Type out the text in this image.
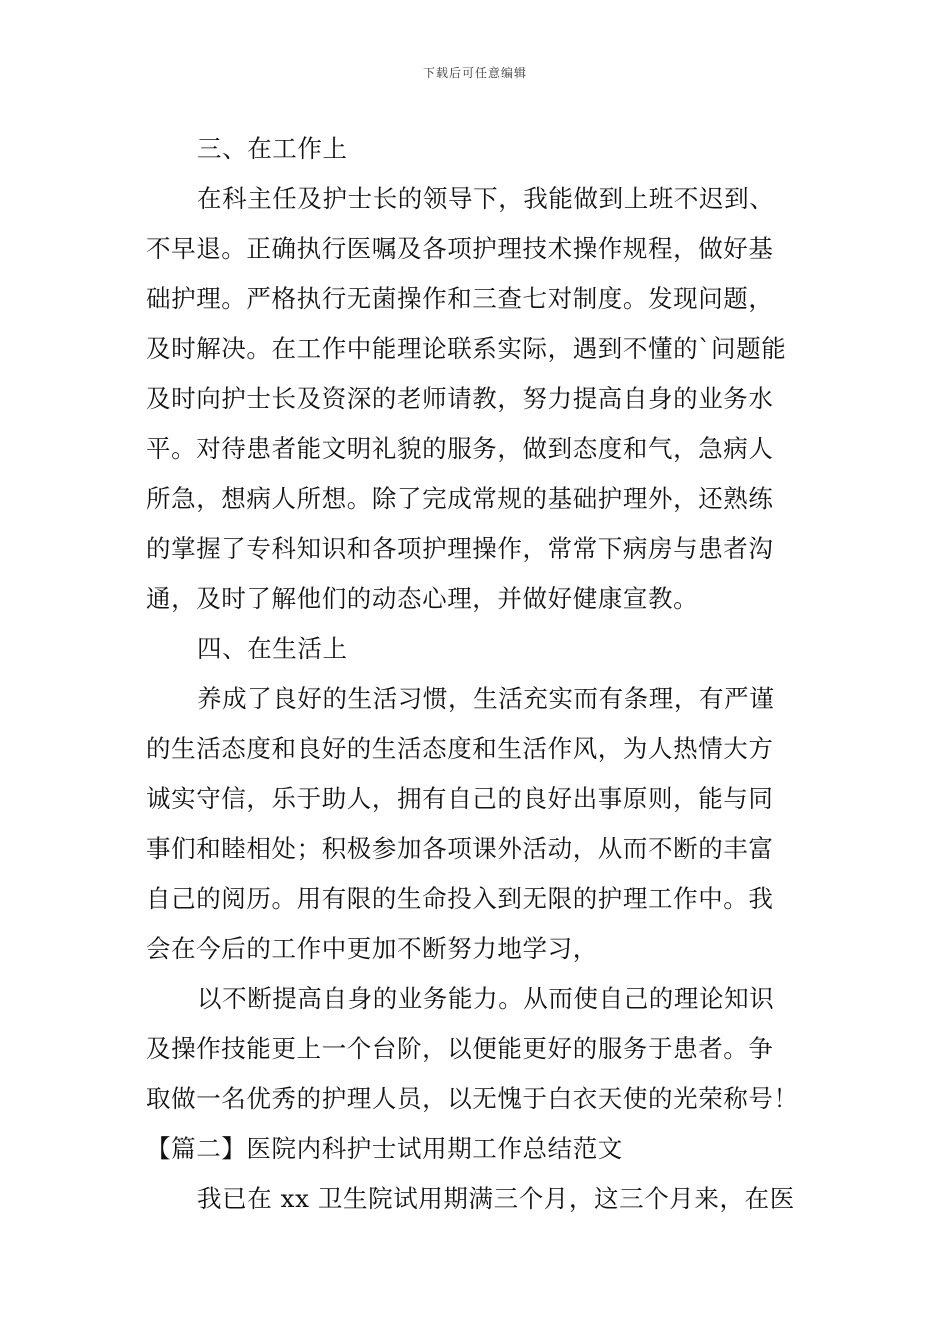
下载后可任意编辑
三、在工作上
在科主任及护士长的领导下，我能做到上班不迟到、
不早退。正确执行医嘱及各项护理技术操作规程，做好基
础护理。严格执行无菌操作和三查七对制度。发现问题，
及时解决。在工作中能理论联系实际，遇到不懂的`问题能
及时向护士长及资深的老师请教，努力提高自身的业务水
平。对待患者能文明礼貌的服务，做到态度和气，急病人
所急，想病人所想。除了完成常规的基础护理外，还熟练
的掌握了专科知识和各项护理操作，常常下病房与患者沟
通，及时了解他们的动态心理，并做好健康宣教。
四、在生活上
养成了良好的生活习惯，生活充实而有条理，有严谨
的生活态度和良好的生活态度和生活作风，为人热情大方
诚实守信，乐于助人，拥有自己的良好出事原则，能与同
事们和睦相处；积极参加各项课外活动，从而不断的丰富
自己的阅历。用有限的生命投入到无限的护理工作中。我
会在今后的工作中更加不断努力地学习，
以不断提高自身的业务能力。从而使自己的理论知识
及操作技能更上一个台阶，以便能更好的服务于患者。争
取做一名优秀的护理人员，以无愧于白衣天使的光荣称号！
【篇二】医院内科护士试用期工作总结范文
我已在 xx 卫生院试用期满三个月，这三个月来，在医
